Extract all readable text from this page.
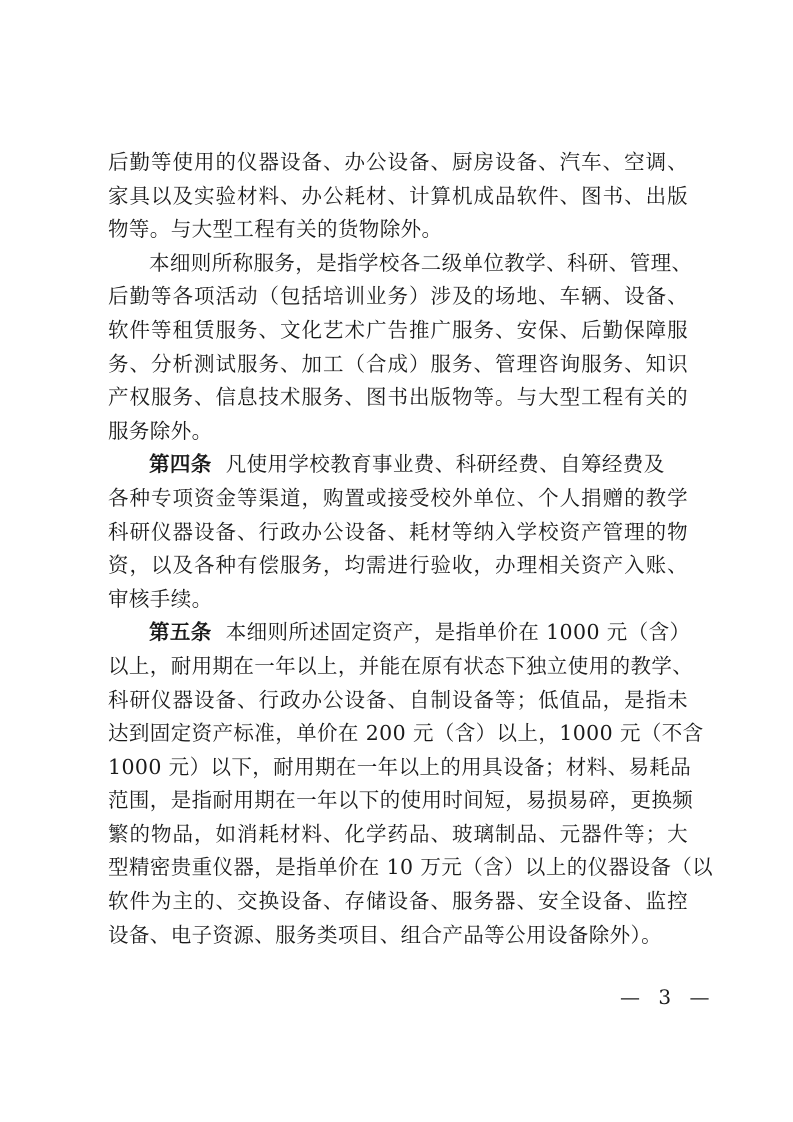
后勤等使用的仪器设备、办公设备、厨房设备、汽车、空调、
家具以及实验材料、办公耗材、计算机成品软件、图书、出版
物等。与大型工程有关的货物除外。
本细则所称服务，是指学校各二级单位教学、科研、管理、
后勤等各项活动（包括培训业务）涉及的场地、车辆、设备、
软件等租赁服务、文化艺术广告推广服务、安保、后勤保障服
务、分析测试服务、加工（合成）服务、管理咨询服务、知识
产权服务、信息技术服务、图书出版物等。与大型工程有关的
服务除外。
第四条 凡使用学校教育事业费、科研经费、自筹经费及
各种专项资金等渠道，购置或接受校外单位、个人捐赠的教学
科研仪器设备、行政办公设备、耗材等纳入学校资产管理的物
资，以及各种有偿服务，均需进行验收，办理相关资产入账、
审核手续。
第五条 本细则所述固定资产，是指单价在 1000 元（含）
以上，耐用期在一年以上，并能在原有状态下独立使用的教学、
科研仪器设备、行政办公设备、自制设备等；低值品，是指未
达到固定资产标准，单价在 200 元（含）以上，1000 元（不含
1000 元）以下，耐用期在一年以上的用具设备；材料、易耗品
范围，是指耐用期在一年以下的使用时间短，易损易碎，更换频
繁的物品，如消耗材料、化学药品、玻璃制品、元器件等；大
型精密贵重仪器，是指单价在 10 万元（含）以上的仪器设备（以
软件为主的、交换设备、存储设备、服务器、安全设备、监控
设备、电子资源、服务类项目、组合产品等公用设备除外）。
— 3 —
